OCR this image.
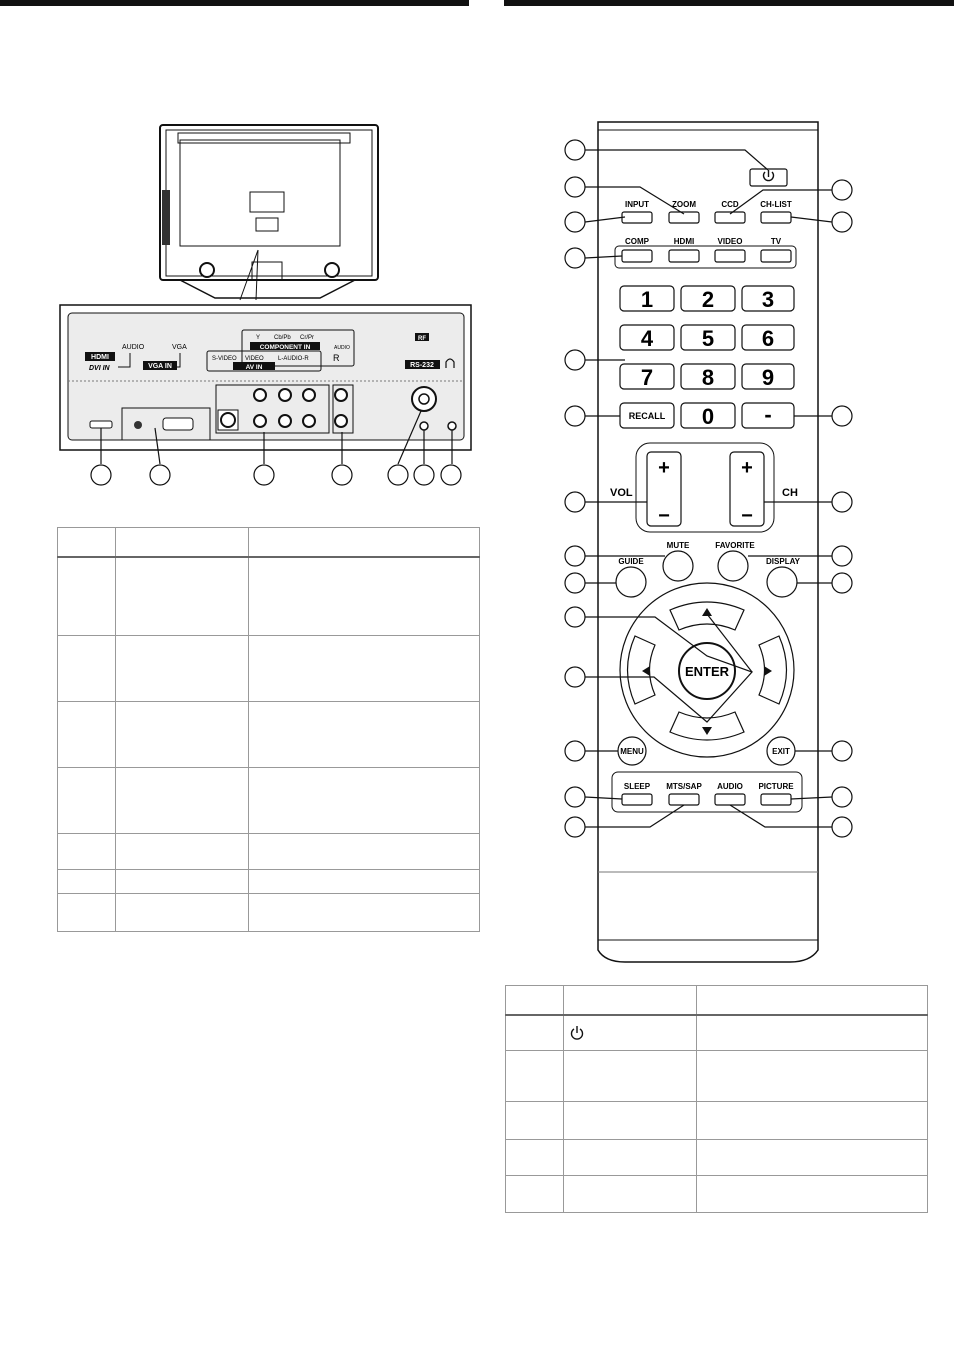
HDMI
DVI IN
AUDIO	VGA
VGA IN
Y Cb/Pb Cr/Pr
COMPONENT IN
S-VIDEO VIDEO L-AUDIO-R
AV IN
AUDIO
R
RF
RS-232
INPUT	ZOOM	CCD	CH-LIST
COMP	HDMI	VIDEO	TV
1 2 3
4 5 6
7 8 9
0 -
RECALL
+
−
+
−
VOL	CH
MUTE	FAVORITE
GUIDE	DISPLAY
ENTER
MENU	EXIT
SLEEP MTS/SAP AUDIO PICTURE
